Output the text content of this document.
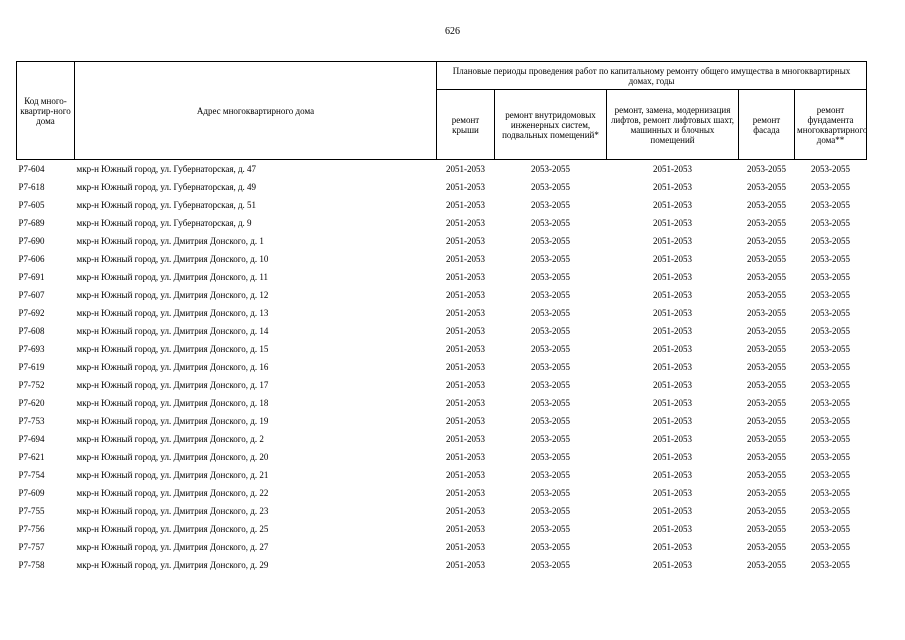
626
Код много-квартир-ного дома	Адрес многоквартирного дома	Плановые периоды проведения работ по капитальному ремонту общего имущества в многоквартирных домах, годы				
		ремонт крыши	ремонт внутридомовых инженерных систем, подвальных помещений*	ремонт, замена, модернизация лифтов, ремонт лифтовых шахт, машинных и блочных помещений	ремонт фасада	ремонт фундамента многоквартирного дома**
Р7-604	мкр-н Южный город, ул. Губернаторская, д. 47	2051-2053	2053-2055	2051-2053	2053-2055	2053-2055
Р7-618	мкр-н Южный город, ул. Губернаторская, д. 49	2051-2053	2053-2055	2051-2053	2053-2055	2053-2055
Р7-605	мкр-н Южный город, ул. Губернаторская, д. 51	2051-2053	2053-2055	2051-2053	2053-2055	2053-2055
Р7-689	мкр-н Южный город, ул. Губернаторская, д. 9	2051-2053	2053-2055	2051-2053	2053-2055	2053-2055
Р7-690	мкр-н Южный город, ул. Дмитрия Донского, д. 1	2051-2053	2053-2055	2051-2053	2053-2055	2053-2055
Р7-606	мкр-н Южный город, ул. Дмитрия Донского, д. 10	2051-2053	2053-2055	2051-2053	2053-2055	2053-2055
Р7-691	мкр-н Южный город, ул. Дмитрия Донского, д. 11	2051-2053	2053-2055	2051-2053	2053-2055	2053-2055
Р7-607	мкр-н Южный город, ул. Дмитрия Донского, д. 12	2051-2053	2053-2055	2051-2053	2053-2055	2053-2055
Р7-692	мкр-н Южный город, ул. Дмитрия Донского, д. 13	2051-2053	2053-2055	2051-2053	2053-2055	2053-2055
Р7-608	мкр-н Южный город, ул. Дмитрия Донского, д. 14	2051-2053	2053-2055	2051-2053	2053-2055	2053-2055
Р7-693	мкр-н Южный город, ул. Дмитрия Донского, д. 15	2051-2053	2053-2055	2051-2053	2053-2055	2053-2055
Р7-619	мкр-н Южный город, ул. Дмитрия Донского, д. 16	2051-2053	2053-2055	2051-2053	2053-2055	2053-2055
Р7-752	мкр-н Южный город, ул. Дмитрия Донского, д. 17	2051-2053	2053-2055	2051-2053	2053-2055	2053-2055
Р7-620	мкр-н Южный город, ул. Дмитрия Донского, д. 18	2051-2053	2053-2055	2051-2053	2053-2055	2053-2055
Р7-753	мкр-н Южный город, ул. Дмитрия Донского, д. 19	2051-2053	2053-2055	2051-2053	2053-2055	2053-2055
Р7-694	мкр-н Южный город, ул. Дмитрия Донского, д. 2	2051-2053	2053-2055	2051-2053	2053-2055	2053-2055
Р7-621	мкр-н Южный город, ул. Дмитрия Донского, д. 20	2051-2053	2053-2055	2051-2053	2053-2055	2053-2055
Р7-754	мкр-н Южный город, ул. Дмитрия Донского, д. 21	2051-2053	2053-2055	2051-2053	2053-2055	2053-2055
Р7-609	мкр-н Южный город, ул. Дмитрия Донского, д. 22	2051-2053	2053-2055	2051-2053	2053-2055	2053-2055
Р7-755	мкр-н Южный город, ул. Дмитрия Донского, д. 23	2051-2053	2053-2055	2051-2053	2053-2055	2053-2055
Р7-756	мкр-н Южный город, ул. Дмитрия Донского, д. 25	2051-2053	2053-2055	2051-2053	2053-2055	2053-2055
Р7-757	мкр-н Южный город, ул. Дмитрия Донского, д. 27	2051-2053	2053-2055	2051-2053	2053-2055	2053-2055
Р7-758	мкр-н Южный город, ул. Дмитрия Донского, д. 29	2051-2053	2053-2055	2051-2053	2053-2055	2053-2055
